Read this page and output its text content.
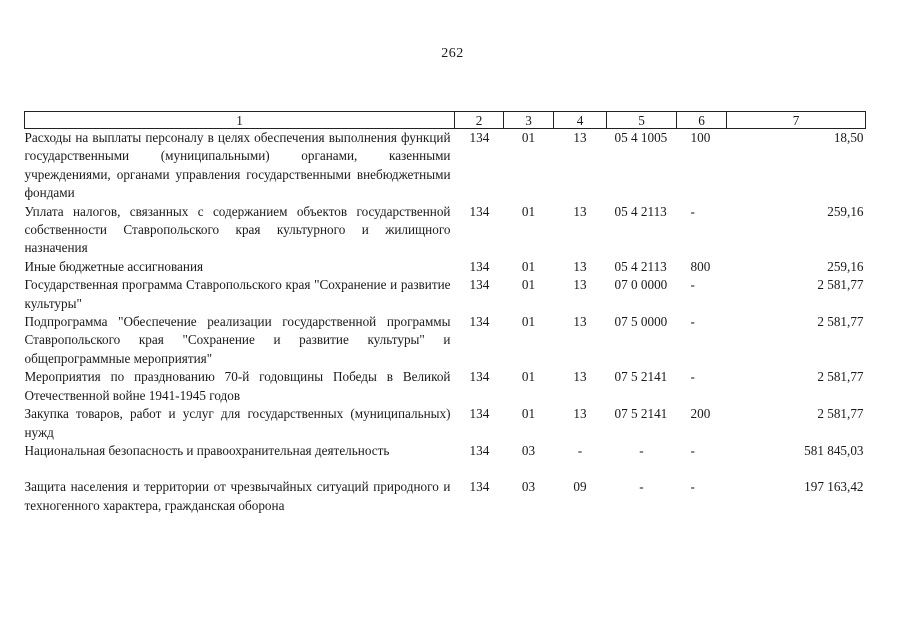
262
1	2	3	4	5	6	7
Расходы на выплаты персоналу в целях обеспечения выполнения функций государственными (муниципальными) органами, казенными учреждениями, органами управления государственными внебюджетными фондами	134	01	13	05 4 1005	100	18,50
Уплата налогов, связанных с содержанием объектов государственной собственности Ставропольского края культурного и жилищного назначения	134	01	13	05 4 2113	-	259,16
Иные бюджетные ассигнования	134	01	13	05 4 2113	800	259,16
Государственная программа Ставропольского края "Сохранение и развитие культуры"	134	01	13	07 0 0000	-	2 581,77
Подпрограмма "Обеспечение реализации государственной программы Ставропольского края "Сохранение и развитие культуры" и общепрограммные мероприятия"	134	01	13	07 5 0000	-	2 581,77
Мероприятия по празднованию 70-й годовщины Победы в Великой Отечественной войне 1941-1945 годов	134	01	13	07 5 2141	-	2 581,77
Закупка товаров, работ и услуг для государственных (муниципальных) нужд	134	01	13	07 5 2141	200	2 581,77
Национальная безопасность и правоохранительная деятельность	134	03	-	-	-	581 845,03
Защита населения и территории от чрезвычайных ситуаций природного и техногенного характера, гражданская оборона	134	03	09	-	-	197 163,42
